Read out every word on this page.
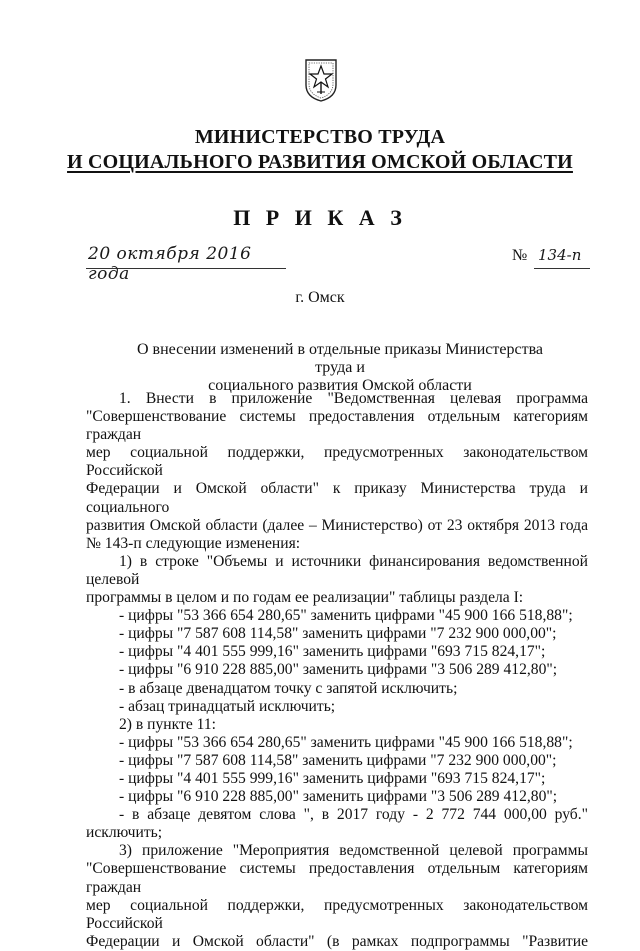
МИНИСТЕРСТВО ТРУДА
И СОЦИАЛЬНОГО РАЗВИТИЯ ОМСКОЙ ОБЛАСТИ
П Р И К А З
20 октября 2016 года
№ 134-п
г. Омск
О внесении изменений в отдельные приказы Министерства труда и
социального развития Омской области

1. Внести в приложение "Ведомственная целевая программа

"Совершенствование системы предоставления отдельным категориям граждан

мер социальной поддержки, предусмотренных законодательством Российской

Федерации и Омской области" к приказу Министерства труда и социального

развития Омской области (далее – Министерство) от 23 октября 2013 года

№ 143-п следующие изменения:

1) в строке "Объемы и источники финансирования ведомственной целевой

программы в целом и по годам ее реализации" таблицы раздела I:

- цифры "53 366 654 280,65" заменить цифрами "45 900 166 518,88";

- цифры "7 587 608 114,58" заменить цифрами "7 232 900 000,00";

- цифры "4 401 555 999,16" заменить цифрами "693 715 824,17";

- цифры "6 910 228 885,00" заменить цифрами "3 506 289 412,80";

- в абзаце двенадцатом точку с запятой исключить;

- абзац тринадцатый исключить;

2) в пункте 11:

- цифры "53 366 654 280,65" заменить цифрами "45 900 166 518,88";

- цифры "7 587 608 114,58" заменить цифрами "7 232 900 000,00";

- цифры "4 401 555 999,16" заменить цифрами "693 715 824,17";

- цифры "6 910 228 885,00" заменить цифрами "3 506 289 412,80";

- в абзаце девятом слова ", в 2017 году - 2 772 744 000,00 руб."

исключить;

3) приложение "Мероприятия ведомственной целевой программы

"Совершенствование системы предоставления отдельным категориям граждан

мер социальной поддержки, предусмотренных законодательством Российской

Федерации и Омской области" (в рамках подпрограммы "Развитие
